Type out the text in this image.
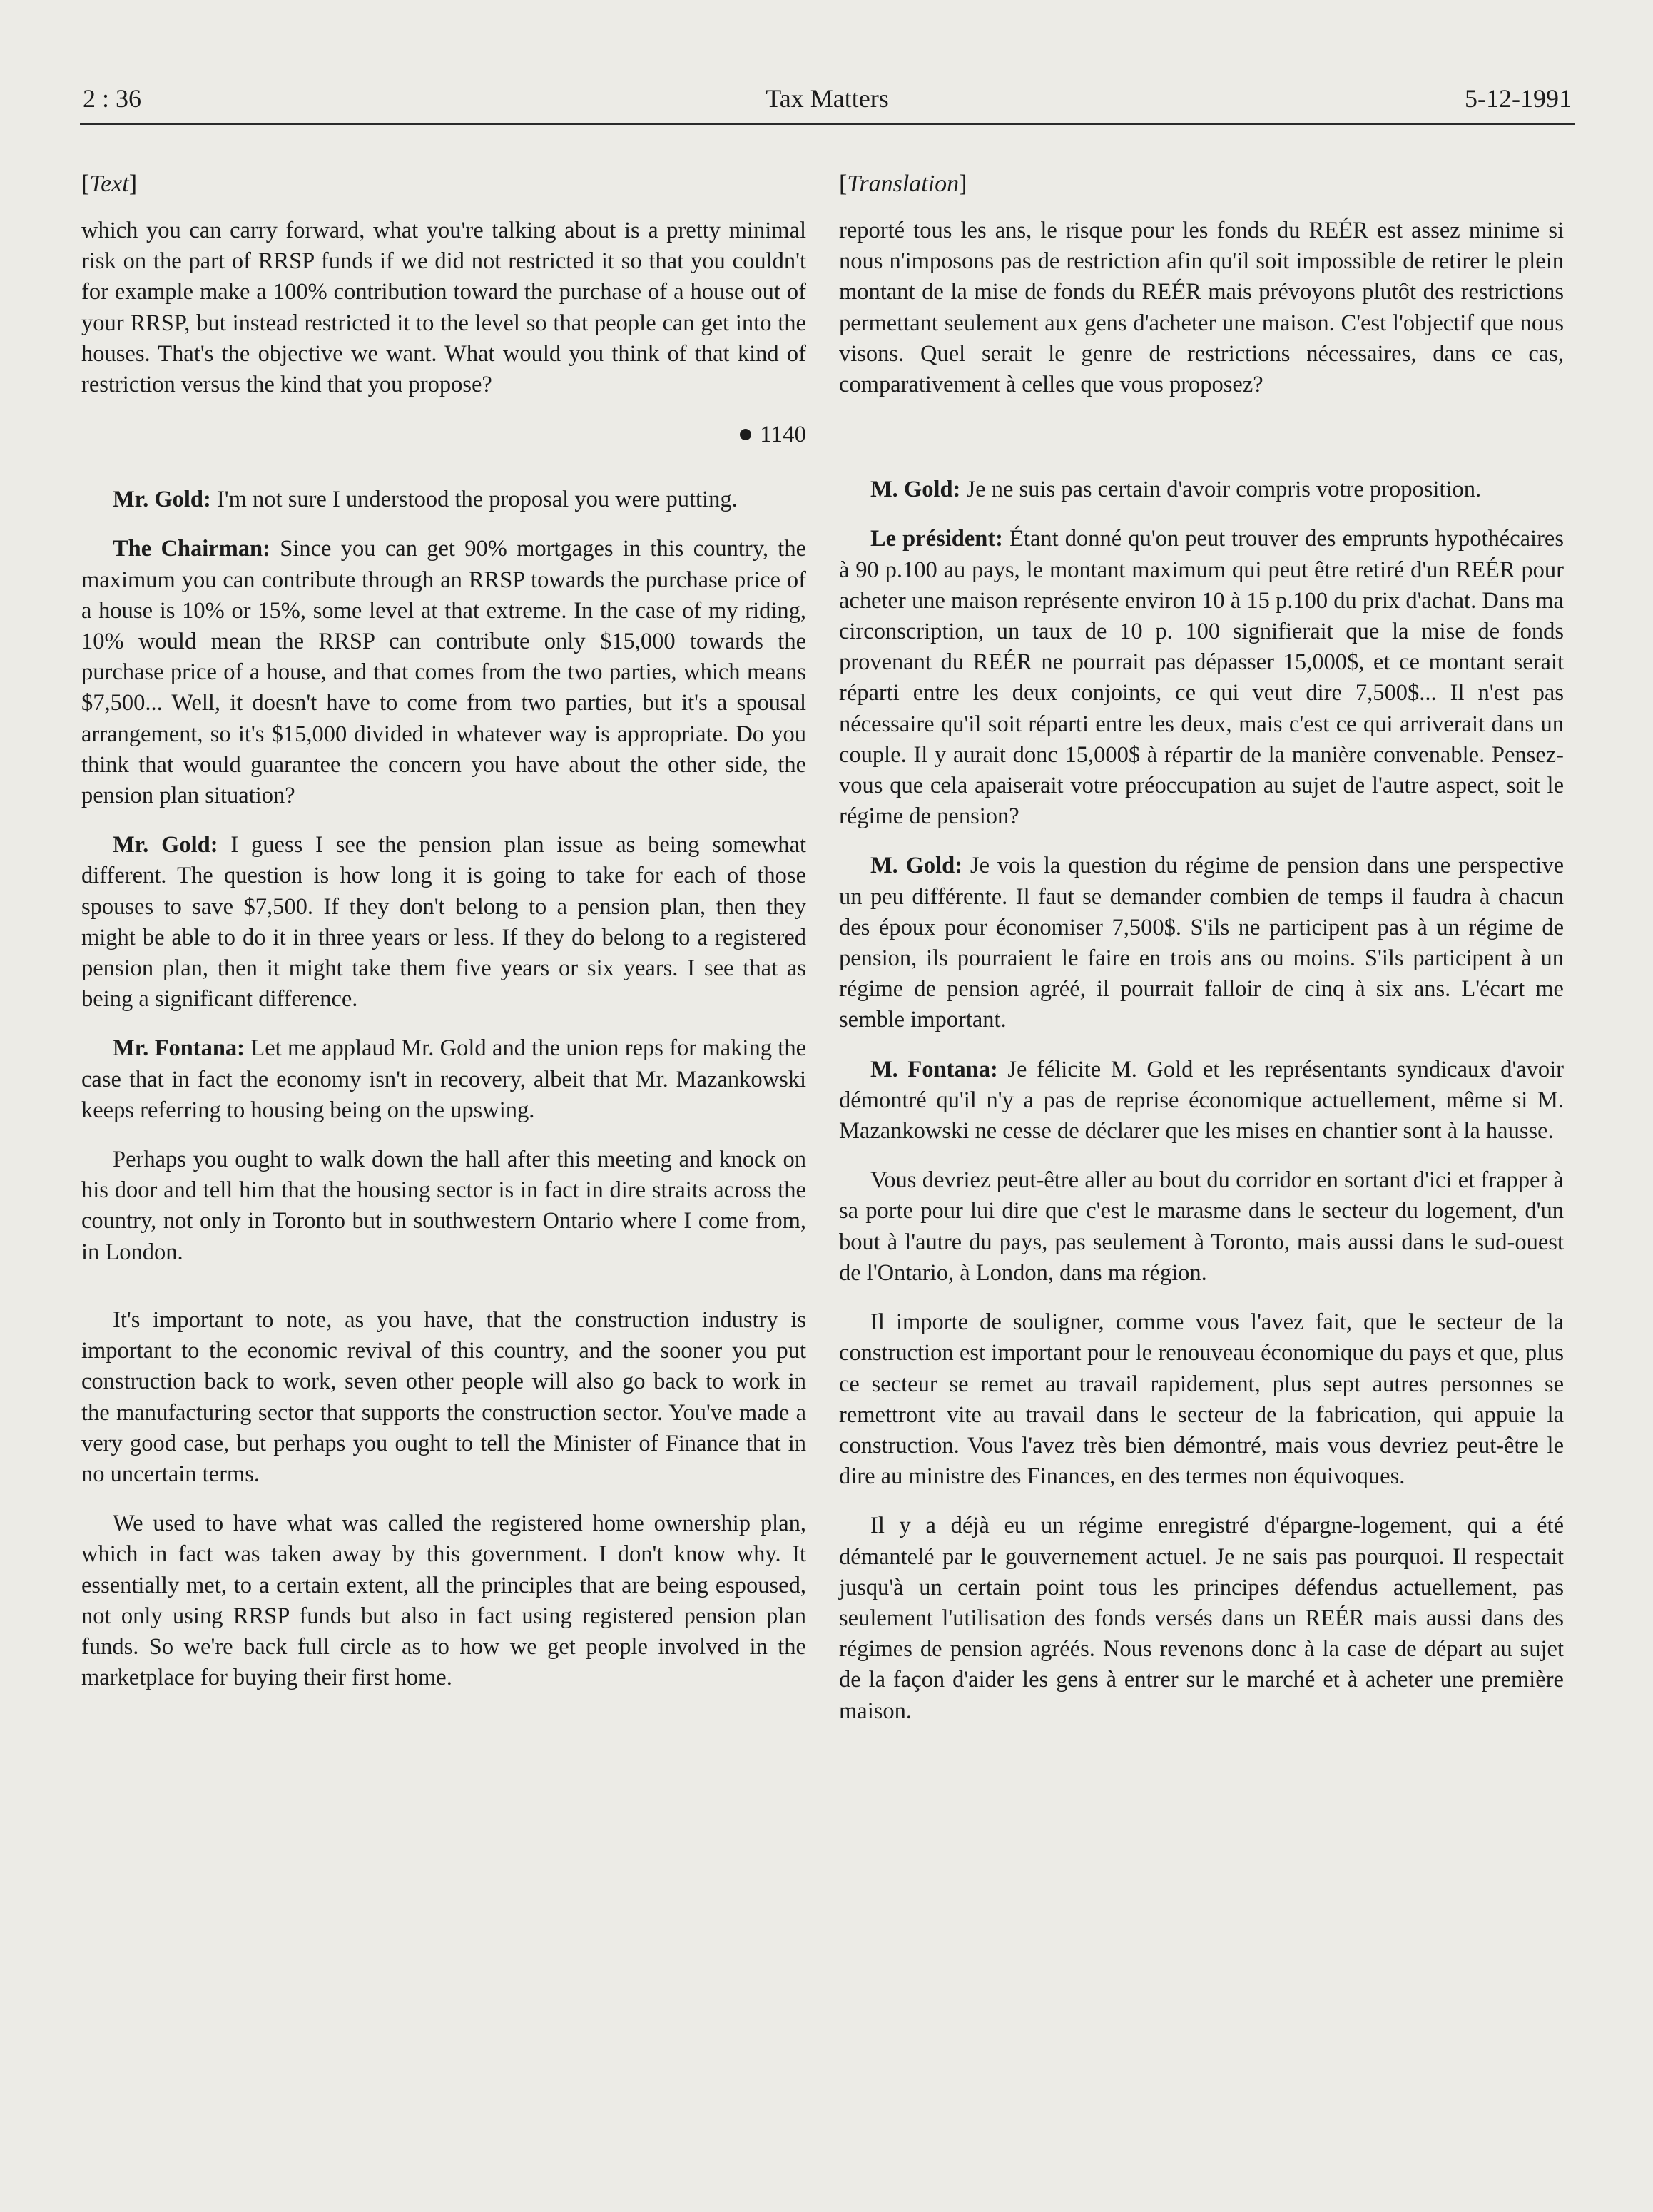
2 : 36	Tax Matters	5-12-1991
[Text]

which you can carry forward, what you're talking about is a pretty minimal risk on the part of RRSP funds if we did not restricted it so that you couldn't for example make a 100% contribution toward the purchase of a house out of your RRSP, but instead restricted it to the level so that people can get into the houses. That's the objective we want. What would you think of that kind of restriction versus the kind that you propose?

1140

Mr. Gold: I'm not sure I understood the proposal you were putting.

The Chairman: Since you can get 90% mortgages in this country, the maximum you can contribute through an RRSP towards the purchase price of a house is 10% or 15%, some level at that extreme. In the case of my riding, 10% would mean the RRSP can contribute only $15,000 towards the purchase price of a house, and that comes from the two parties, which means $7,500... Well, it doesn't have to come from two parties, but it's a spousal arrangement, so it's $15,000 divided in whatever way is appropriate. Do you think that would guarantee the concern you have about the other side, the pension plan situation?

Mr. Gold: I guess I see the pension plan issue as being somewhat different. The question is how long it is going to take for each of those spouses to save $7,500. If they don't belong to a pension plan, then they might be able to do it in three years or less. If they do belong to a registered pension plan, then it might take them five years or six years. I see that as being a significant difference.

Mr. Fontana: Let me applaud Mr. Gold and the union reps for making the case that in fact the economy isn't in recovery, albeit that Mr. Mazankowski keeps referring to housing being on the upswing.

Perhaps you ought to walk down the hall after this meeting and knock on his door and tell him that the housing sector is in fact in dire straits across the country, not only in Toronto but in southwestern Ontario where I come from, in London.

It's important to note, as you have, that the construction industry is important to the economic revival of this country, and the sooner you put construction back to work, seven other people will also go back to work in the manufacturing sector that supports the construction sector. You've made a very good case, but perhaps you ought to tell the Minister of Finance that in no uncertain terms.

We used to have what was called the registered home ownership plan, which in fact was taken away by this government. I don't know why. It essentially met, to a certain extent, all the principles that are being espoused, not only using RRSP funds but also in fact using registered pension plan funds. So we're back full circle as to how we get people involved in the marketplace for buying their first home.

[Translation]

reporté tous les ans, le risque pour les fonds du REÉR est assez minime si nous n'imposons pas de restriction afin qu'il soit impossible de retirer le plein montant de la mise de fonds du REÉR mais prévoyons plutôt des restrictions permettant seulement aux gens d'acheter une maison. C'est l'objectif que nous visons. Quel serait le genre de restrictions nécessaires, dans ce cas, comparativement à celles que vous proposez?

M. Gold: Je ne suis pas certain d'avoir compris votre proposition.

Le président: Étant donné qu'on peut trouver des emprunts hypothécaires à 90 p.100 au pays, le montant maximum qui peut être retiré d'un REÉR pour acheter une maison représente environ 10 à 15 p.100 du prix d'achat. Dans ma circonscription, un taux de 10 p. 100 signifierait que la mise de fonds provenant du REÉR ne pourrait pas dépasser 15,000$, et ce montant serait réparti entre les deux conjoints, ce qui veut dire 7,500$... Il n'est pas nécessaire qu'il soit réparti entre les deux, mais c'est ce qui arriverait dans un couple. Il y aurait donc 15,000$ à répartir de la manière convenable. Pensez-vous que cela apaiserait votre préoccupation au sujet de l'autre aspect, soit le régime de pension?

M. Gold: Je vois la question du régime de pension dans une perspective un peu différente. Il faut se demander combien de temps il faudra à chacun des époux pour économiser 7,500$. S'ils ne participent pas à un régime de pension, ils pourraient le faire en trois ans ou moins. S'ils participent à un régime de pension agréé, il pourrait falloir de cinq à six ans. L'écart me semble important.

M. Fontana: Je félicite M. Gold et les représentants syndicaux d'avoir démontré qu'il n'y a pas de reprise économique actuellement, même si M. Mazankowski ne cesse de déclarer que les mises en chantier sont à la hausse.

Vous devriez peut-être aller au bout du corridor en sortant d'ici et frapper à sa porte pour lui dire que c'est le marasme dans le secteur du logement, d'un bout à l'autre du pays, pas seulement à Toronto, mais aussi dans le sud-ouest de l'Ontario, à London, dans ma région.

Il importe de souligner, comme vous l'avez fait, que le secteur de la construction est important pour le renouveau économique du pays et que, plus ce secteur se remet au travail rapidement, plus sept autres personnes se remettront vite au travail dans le secteur de la fabrication, qui appuie la construction. Vous l'avez très bien démontré, mais vous devriez peut-être le dire au ministre des Finances, en des termes non équivoques.

Il y a déjà eu un régime enregistré d'épargne-logement, qui a été démantelé par le gouvernement actuel. Je ne sais pas pourquoi. Il respectait jusqu'à un certain point tous les principes défendus actuellement, pas seulement l'utilisation des fonds versés dans un REÉR mais aussi dans des régimes de pension agréés. Nous revenons donc à la case de départ au sujet de la façon d'aider les gens à entrer sur le marché et à acheter une première maison.
